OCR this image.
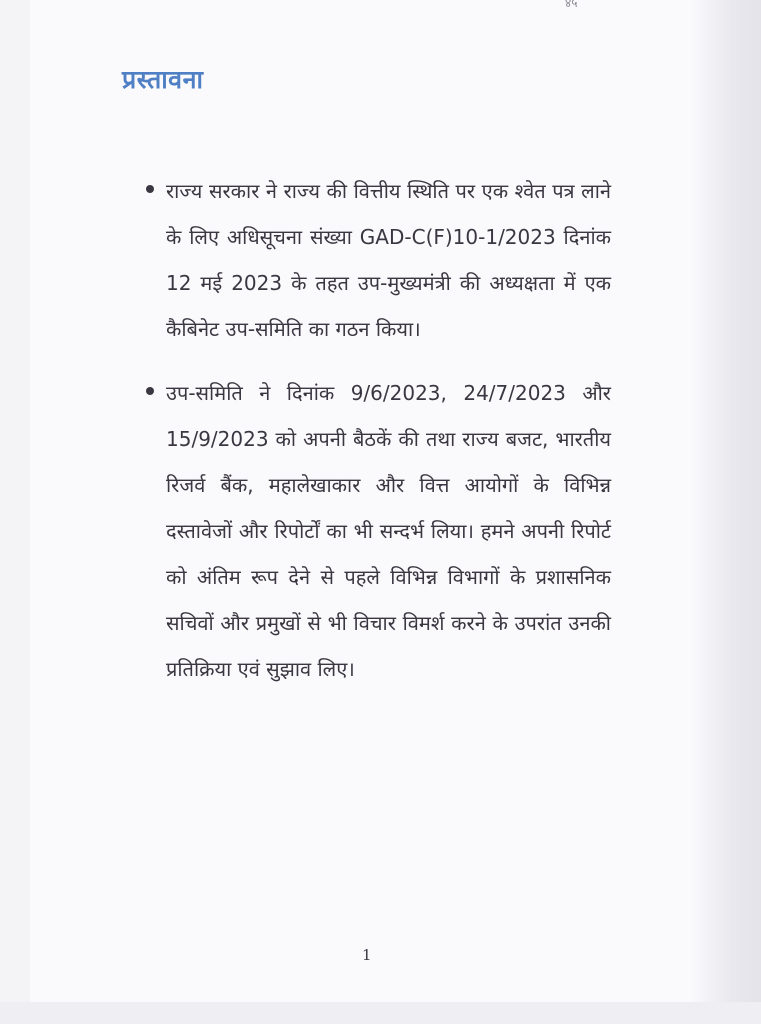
४५
प्रस्तावना
राज्य सरकार ने राज्य की वित्तीय स्थिति पर एक श्वेत पत्र लाने के लिए अधिसूचना संख्या GAD-C(F)10-1/2023 दिनांक 12 मई 2023 के तहत उप-मुख्यमंत्री की अध्यक्षता में एक कैबिनेट उप-समिति का गठन किया।
उप-समिति ने दिनांक 9/6/2023, 24/7/2023 और 15/9/2023 को अपनी बैठकें की तथा राज्य बजट, भारतीय रिजर्व बैंक, महालेखाकार और वित्त आयोगों के विभिन्न दस्तावेजों और रिपोर्टों का भी सन्दर्भ लिया। हमने अपनी रिपोर्ट को अंतिम रूप देने से पहले विभिन्न विभागों के प्रशासनिक सचिवों और प्रमुखों से भी विचार विमर्श करने के उपरांत उनकी प्रतिक्रिया एवं सुझाव लिए।
1
